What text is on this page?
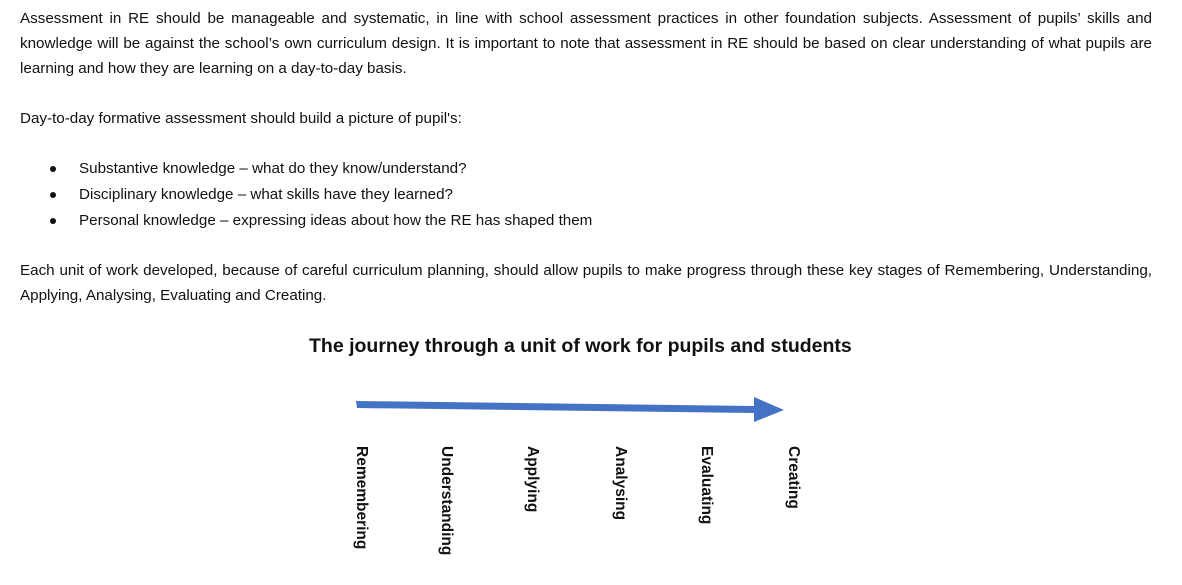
Assessment in RE should be manageable and systematic, in line with school assessment practices in other foundation subjects. Assessment of pupils’ skills and knowledge will be against the school’s own curriculum design. It is important to note that assessment in RE should be based on clear understanding of what pupils are learning and how they are learning on a day-to-day basis.

Day-to-day formative assessment should build a picture of pupil's:

Substantive knowledge – what do they know/understand?
Disciplinary knowledge – what skills have they learned?
Personal knowledge – expressing ideas about how the RE has shaped them

Each unit of work developed, because of careful curriculum planning, should allow pupils to make progress through these key stages of Remembering, Understanding, Applying, Analysing, Evaluating and Creating.

The journey through a unit of work for pupils and students
Remembering	Understanding	Applying	Analysing	Evaluating	Creating
